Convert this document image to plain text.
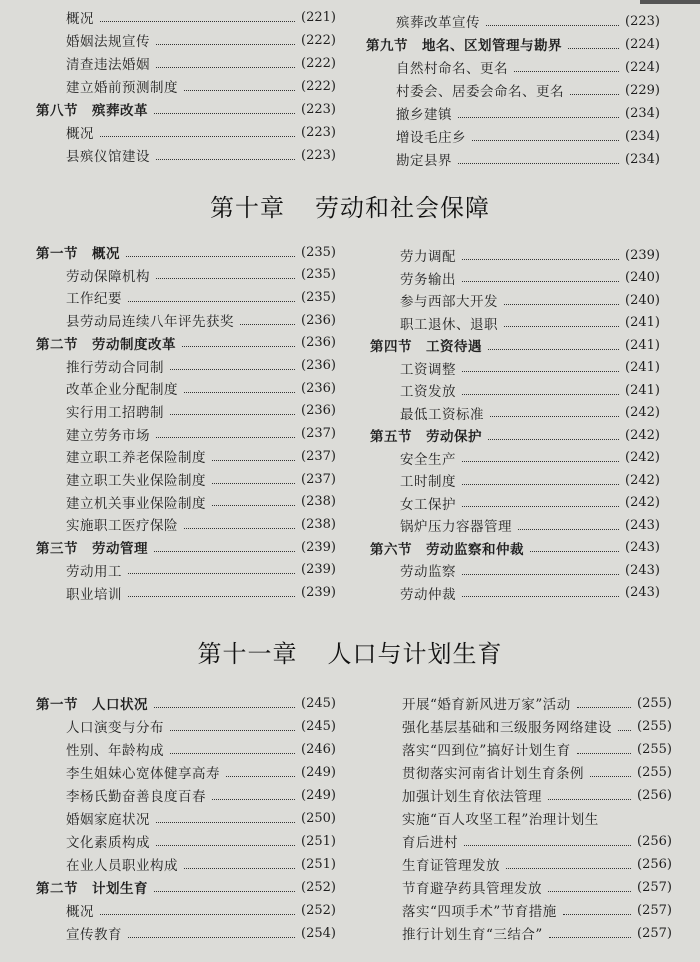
概况	(221)
婚姻法规宣传	(222)
清查违法婚姻	(222)
建立婚前预测制度	(222)
第八节 殡葬改革	(223)
概况	(223)
县殡仪馆建设	(223)
殡葬改革宣传	(223)
第九节 地名、区划管理与勘界	(224)
自然村命名、更名	(224)
村委会、居委会命名、更名	(229)
撤乡建镇	(234)
增设毛庄乡	(234)
勘定县界	(234)
第十章 劳动和社会保障
第一节 概况	(235)
劳动保障机构	(235)
工作纪要	(235)
县劳动局连续八年评先获奖	(236)
第二节 劳动制度改革	(236)
推行劳动合同制	(236)
改革企业分配制度	(236)
实行用工招聘制	(236)
建立劳务市场	(237)
建立职工养老保险制度	(237)
建立职工失业保险制度	(237)
建立机关事业保险制度	(238)
实施职工医疗保险	(238)
第三节 劳动管理	(239)
劳动用工	(239)
职业培训	(239)
劳力调配	(239)
劳务输出	(240)
参与西部大开发	(240)
职工退休、退职	(241)
第四节 工资待遇	(241)
工资调整	(241)
工资发放	(241)
最低工资标准	(242)
第五节 劳动保护	(242)
安全生产	(242)
工时制度	(242)
女工保护	(242)
锅炉压力容器管理	(243)
第六节 劳动监察和仲裁	(243)
劳动监察	(243)
劳动仲裁	(243)
第十一章 人口与计划生育
第一节 人口状况	(245)
人口演变与分布	(245)
性别、年龄构成	(246)
李生姐妹心宽体健享高寿	(249)
李杨氏勤奋善良度百春	(249)
婚姻家庭状况	(250)
文化素质构成	(251)
在业人员职业构成	(251)
第二节 计划生育	(252)
概况	(252)
宣传教育	(254)
开展“婚育新风进万家”活动	(255)
强化基层基础和三级服务网络建设 (255)
落实“四到位”搞好计划生育	(255)
贯彻落实河南省计划生育条例	(255)
加强计划生育依法管理	(256)
实施“百人攻坚工程”治理计划生
育后进村	(256)
生育证管理发放	(256)
节育避孕药具管理发放	(257)
落实“四项手术”节育措施	(257)
推行计划生育“三结合”	(257)
